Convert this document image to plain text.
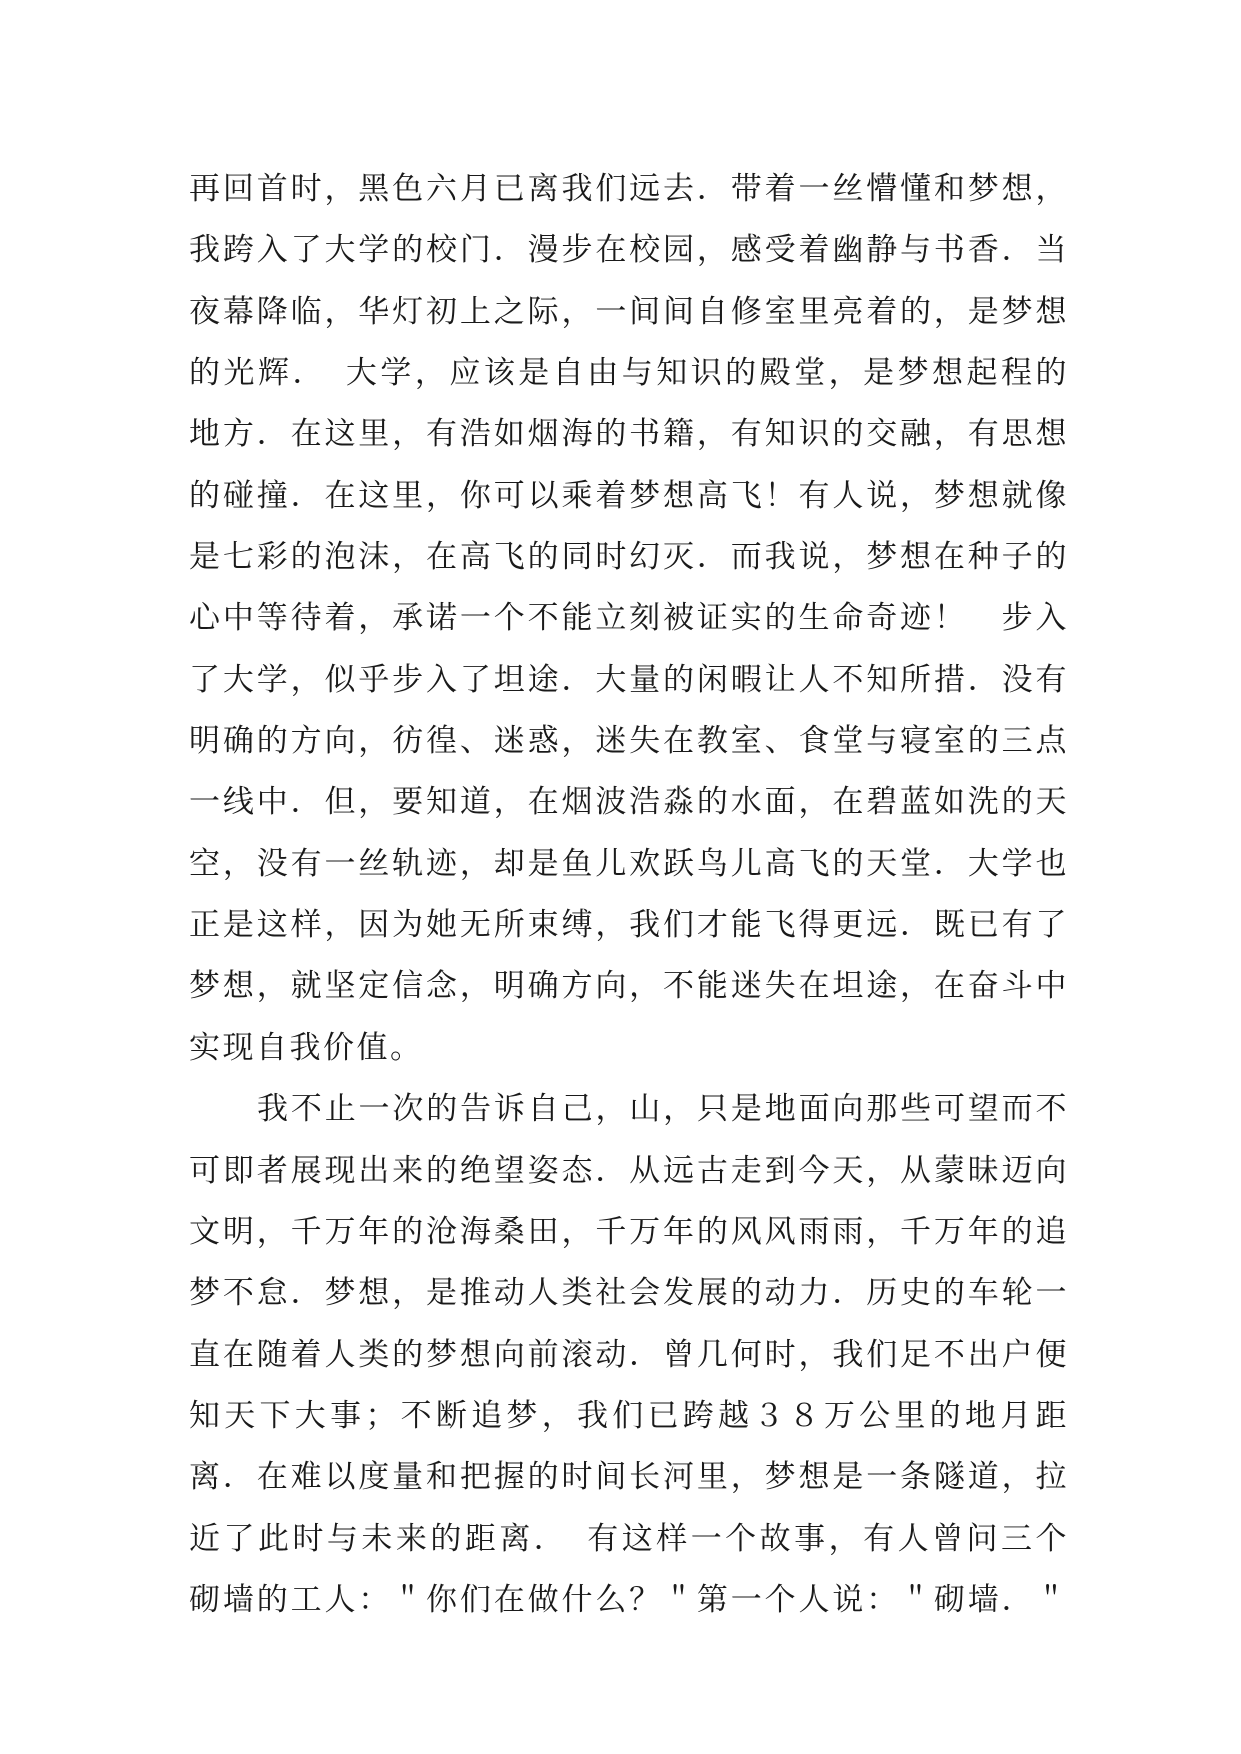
再回首时，黑色六月已离我们远去．带着一丝懵懂和梦想，
我跨入了大学的校门．漫步在校园，感受着幽静与书香．当
夜幕降临，华灯初上之际，一间间自修室里亮着的，是梦想
的光辉．　大学，应该是自由与知识的殿堂，是梦想起程的
地方．在这里，有浩如烟海的书籍，有知识的交融，有思想
的碰撞．在这里，你可以乘着梦想高飞！有人说，梦想就像
是七彩的泡沫，在高飞的同时幻灭．而我说，梦想在种子的
心中等待着，承诺一个不能立刻被证实的生命奇迹！　步入
了大学，似乎步入了坦途．大量的闲暇让人不知所措．没有
明确的方向，彷徨、迷惑，迷失在教室、食堂与寝室的三点
一线中．但，要知道，在烟波浩淼的水面，在碧蓝如洗的天
空，没有一丝轨迹，却是鱼儿欢跃鸟儿高飞的天堂．大学也
正是这样，因为她无所束缚，我们才能飞得更远．既已有了
梦想，就坚定信念，明确方向，不能迷失在坦途，在奋斗中
实现自我价值。
我不止一次的告诉自己，山，只是地面向那些可望而不
可即者展现出来的绝望姿态．从远古走到今天，从蒙昧迈向
文明，千万年的沧海桑田，千万年的风风雨雨，千万年的追
梦不怠．梦想，是推动人类社会发展的动力．历史的车轮一
直在随着人类的梦想向前滚动．曾几何时，我们足不出户便
知天下大事；不断追梦，我们已跨越３８万公里的地月距
离．在难以度量和把握的时间长河里，梦想是一条隧道，拉
近了此时与未来的距离．　有这样一个故事，有人曾问三个
砌墙的工人：＂你们在做什么？＂第一个人说：＂砌墙．＂
